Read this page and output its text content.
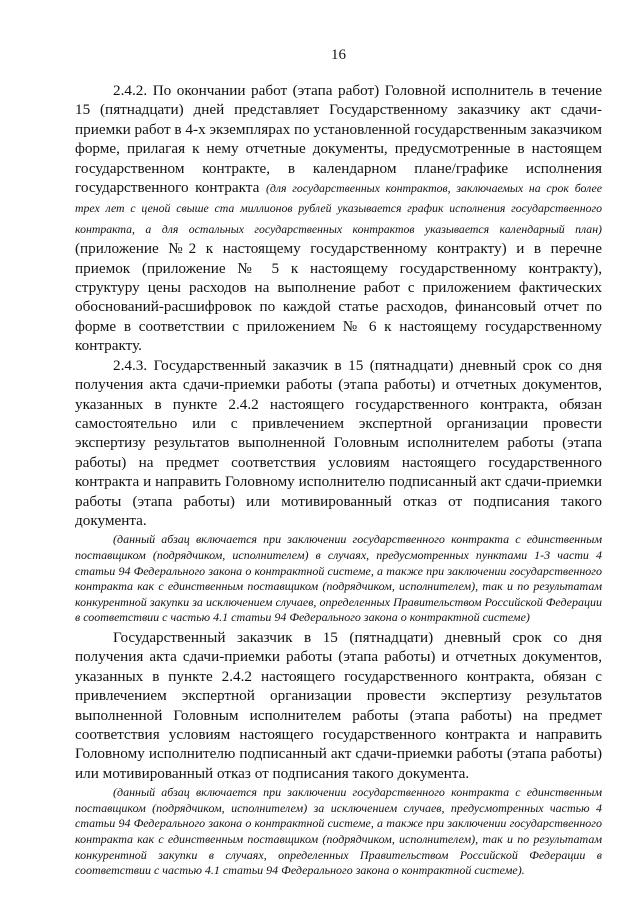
16

2.4.2. По окончании работ (этапа работ) Головной исполнитель в течение 15 (пятнадцати) дней представляет Государственному заказчику акт сдачи-приемки работ в 4-х экземплярах по установленной государственным заказчиком форме, прилагая к нему отчетные документы, предусмотренные в настоящем государственном контракте, в календарном плане/графике исполнения государственного контракта (для государственных контрактов, заключаемых на срок более трех лет с ценой свыше ста миллионов рублей указывается график исполнения государственного контракта, а для остальных государственных контрактов указывается календарный план) (приложение №2 к настоящему государственному контракту) и в перечне приемок (приложение № 5 к настоящему государственному контракту), структуру цены расходов на выполнение работ с приложением фактических обоснований-расшифровок по каждой статье расходов, финансовый отчет по форме в соответствии с приложением № 6 к настоящему государственному контракту.

2.4.3. Государственный заказчик в 15 (пятнадцати) дневный срок со дня получения акта сдачи-приемки работы (этапа работы) и отчетных документов, указанных в пункте 2.4.2 настоящего государственного контракта, обязан самостоятельно или с привлечением экспертной организации провести экспертизу результатов выполненной Головным исполнителем работы (этапа работы) на предмет соответствия условиям настоящего государственного контракта и направить Головному исполнителю подписанный акт сдачи-приемки работы (этапа работы) или мотивированный отказ от подписания такого документа.

(данный абзац включается при заключении государственного контракта с единственным поставщиком (подрядчиком, исполнителем) в случаях, предусмотренных пунктами 1-3 части 4 статьи 94 Федерального закона о контрактной системе, а также при заключении государственного контракта как с единственным поставщиком (подрядчиком, исполнителем), так и по результатам конкурентной закупки за исключением случаев, определенных Правительством Российской Федерации в соответствии с частью 4.1 статьи 94 Федерального закона о контрактной системе)

Государственный заказчик в 15 (пятнадцати) дневный срок со дня получения акта сдачи-приемки работы (этапа работы) и отчетных документов, указанных в пункте 2.4.2 настоящего государственного контракта, обязан с привлечением экспертной организации провести экспертизу результатов выполненной Головным исполнителем работы (этапа работы) на предмет соответствия условиям настоящего государственного контракта и направить Головному исполнителю подписанный акт сдачи-приемки работы (этапа работы) или мотивированный отказ от подписания такого документа.

(данный абзац включается при заключении государственного контракта с единственным поставщиком (подрядчиком, исполнителем) за исключением случаев, предусмотренных частью 4 статьи 94 Федерального закона о контрактной системе, а также при заключении государственного контракта как с единственным поставщиком (подрядчиком, исполнителем), так и по результатам конкурентной закупки в случаях, определенных Правительством Российской Федерации в соответствии с частью 4.1 статьи 94 Федерального закона о контрактной системе).
